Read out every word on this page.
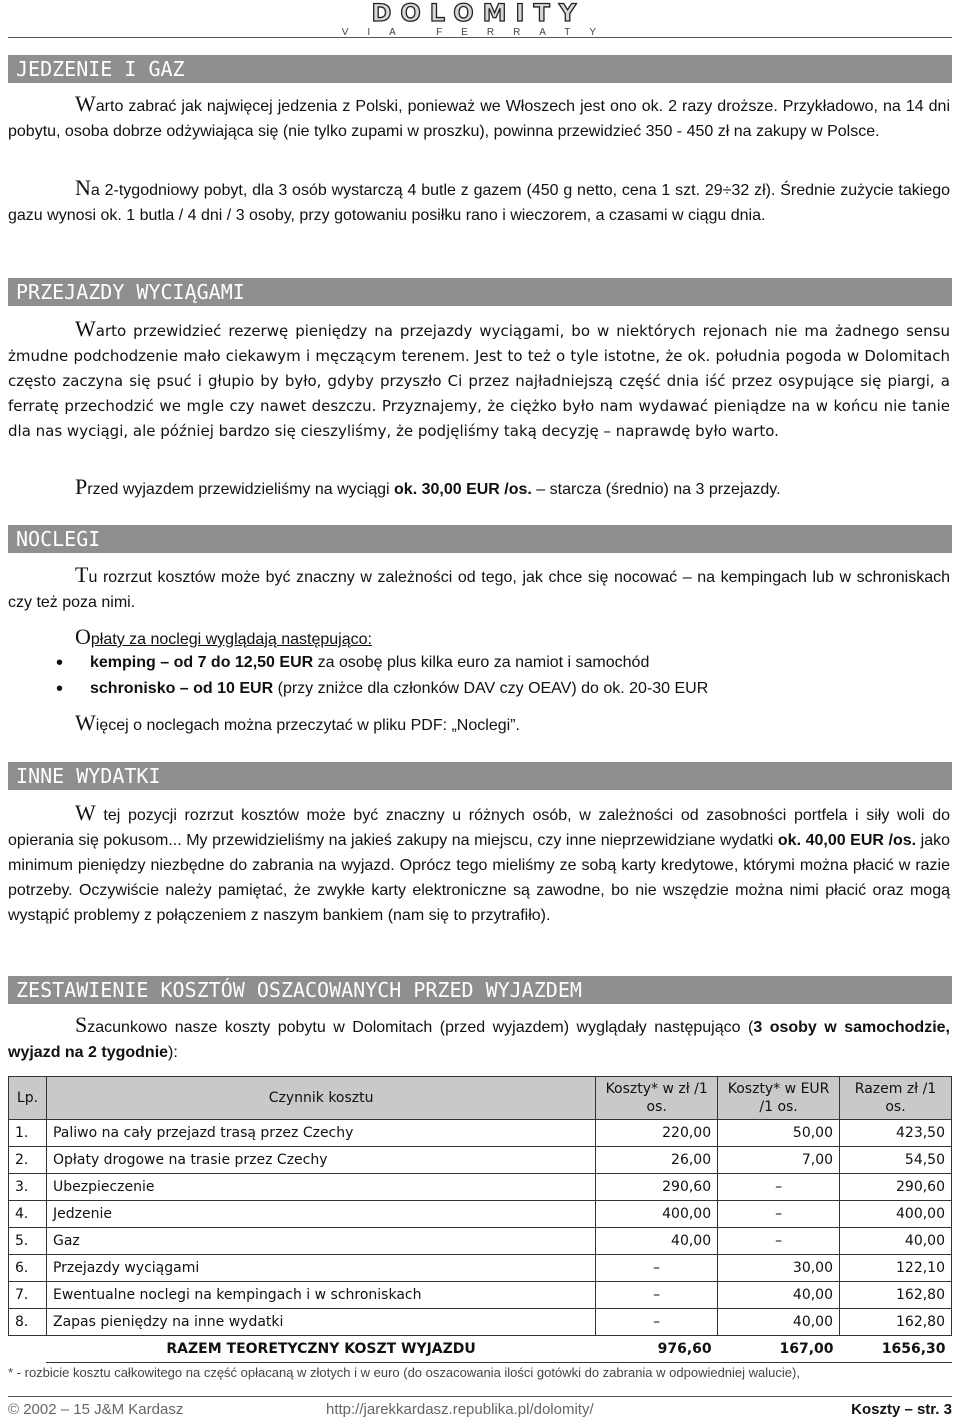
DOLOMITY
VIA FERRATY
JEDZENIE I GAZ
Warto zabrać jak najwięcej jedzenia z Polski, ponieważ we Włoszech jest ono ok. 2 razy droższe. Przykładowo, na 14 dni pobytu, osoba dobrze odżywiająca się (nie tylko zupami w proszku), powinna przewidzieć 350 - 450 zł na zakupy w Polsce.
Na 2-tygodniowy pobyt, dla 3 osób wystarczą 4 butle z gazem (450 g netto, cena 1 szt. 29÷32 zł). Średnie zużycie takiego gazu wynosi ok. 1 butla / 4 dni / 3 osoby, przy gotowaniu posiłku rano i wieczorem, a czasami w ciągu dnia.
PRZEJAZDY WYCIĄGAMI
Warto przewidzieć rezerwę pieniędzy na przejazdy wyciągami, bo w niektórych rejonach nie ma żadnego sensu żmudne podchodzenie mało ciekawym i męczącym terenem. Jest to też o tyle istotne, że ok. południa pogoda w Dolomitach często zaczyna się psuć i głupio by było, gdyby przyszło Ci przez najładniejszą część dnia iść przez osypujące się piargi, a ferratę przechodzić we mgle czy nawet deszczu. Przyznajemy, że ciężko było nam wydawać pieniądze na w końcu nie tanie dla nas wyciągi, ale później bardzo się cieszyliśmy, że podjęliśmy taką decyzję – naprawdę było warto.
Przed wyjazdem przewidzieliśmy na wyciągi ok. 30,00 EUR /os. – starcza (średnio) na 3 przejazdy.
NOCLEGI
Tu rozrzut kosztów może być znaczny w zależności od tego, jak chce się nocować – na kempingach lub w schroniskach czy też poza nimi.
Opłaty za noclegi wyglądają następująco:
• kemping – od 7 do 12,50 EUR za osobę plus kilka euro za namiot i samochód
• schronisko – od 10 EUR (przy zniżce dla członków DAV czy OEAV) do ok. 20-30 EUR
Więcej o noclegach można przeczytać w pliku PDF: „Noclegi”.
INNE WYDATKI
W tej pozycji rozrzut kosztów może być znaczny u różnych osób, w zależności od zasobności portfela i siły woli do opierania się pokusom... My przewidzieliśmy na jakieś zakupy na miejscu, czy inne nieprzewidziane wydatki ok. 40,00 EUR /os. jako minimum pieniędzy niezbędne do zabrania na wyjazd. Oprócz tego mieliśmy ze sobą karty kredytowe, którymi można płacić w razie potrzeby. Oczywiście należy pamiętać, że zwykłe karty elektroniczne są zawodne, bo nie wszędzie można nimi płacić oraz mogą wystąpić problemy z połączeniem z naszym bankiem (nam się to przytrafiło).
ZESTAWIENIE KOSZTÓW OSZACOWANYCH PRZED WYJAZDEM
Szacunkowo nasze koszty pobytu w Dolomitach (przed wyjazdem) wyglądały następująco (3 osoby w samochodzie, wyjazd na 2 tygodnie):
Lp.	Czynnik kosztu	Koszty* w zł /1 os.	Koszty* w EUR /1 os.	Razem zł /1 os.
1.	Paliwo na cały przejazd trasą przez Czechy	220,00	50,00	423,50
2.	Opłaty drogowe na trasie przez Czechy	26,00	7,00	54,50
3.	Ubezpieczenie	290,60	–	290,60
4.	Jedzenie	400,00	–	400,00
5.	Gaz	40,00	–	40,00
6.	Przejazdy wyciągami	–	30,00	122,10
7.	Ewentualne noclegi na kempingach i w schroniskach	–	40,00	162,80
8.	Zapas pieniędzy na inne wydatki	–	40,00	162,80
	RAZEM TEORETYCZNY KOSZT WYJAZDU	976,60	167,00	1656,30
* - rozbicie kosztu całkowitego na część opłacaną w złotych i w euro (do oszacowania ilości gotówki do zabrania w odpowiedniej walucie),
© 2002 – 15 J&M Kardasz	http://jarekkardasz.republika.pl/dolomity/	Koszty – str. 3
